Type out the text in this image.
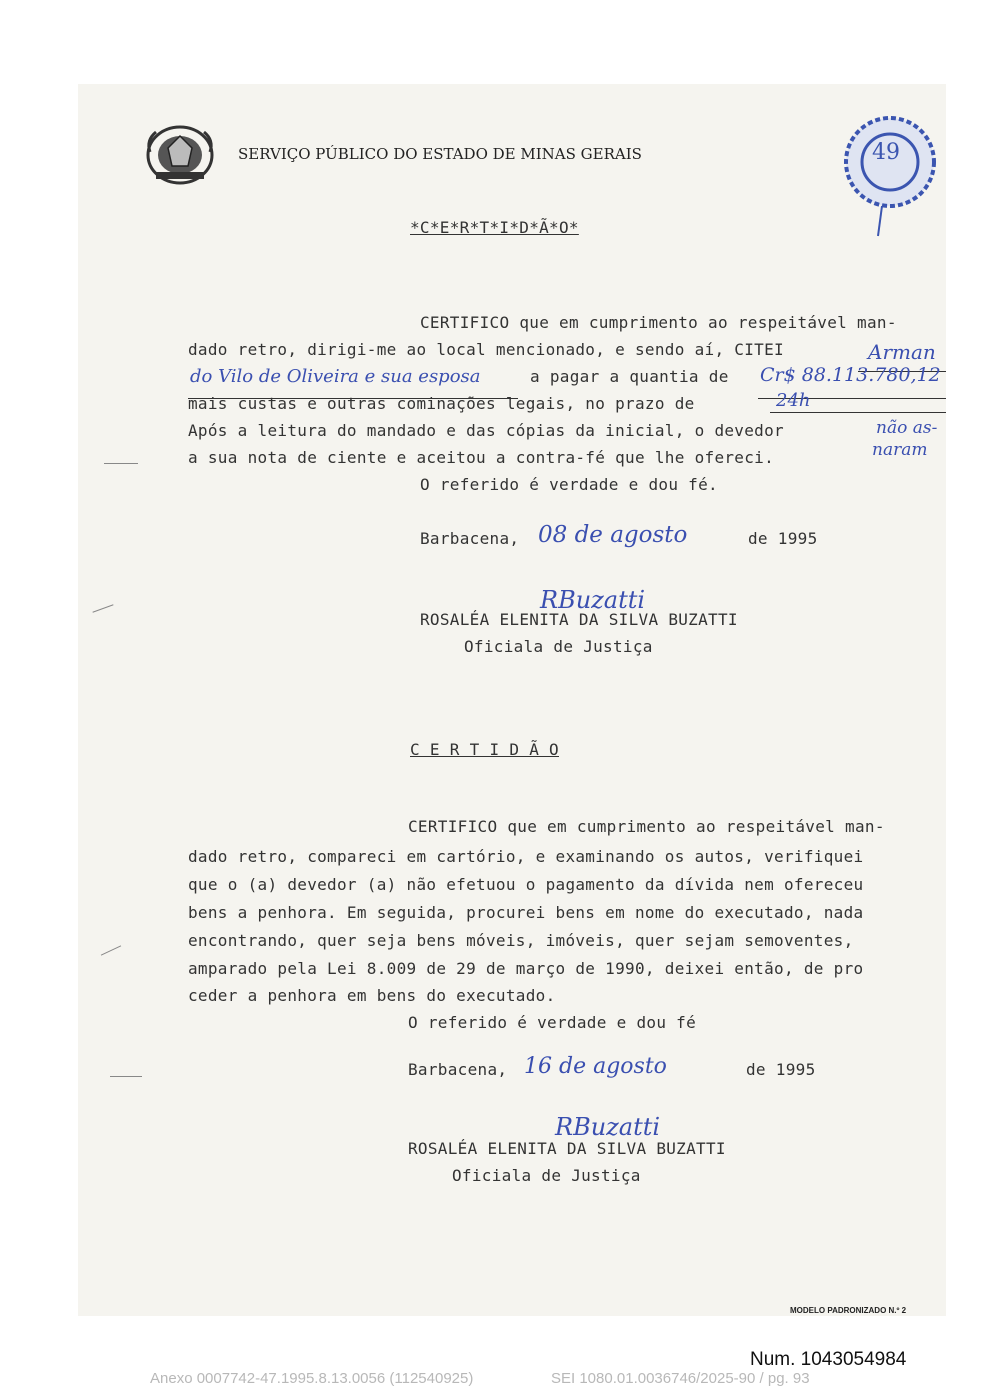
SERVIÇO PÚBLICO DO ESTADO DE MINAS GERAIS	49
*C*E*R*T*I*D*Ã*O*
CERTIFICO que em cumprimento ao respeitável man-
dado retro, dirigi-me ao local mencionado, e sendo aí, CITEI	Arman
do Vilo de Oliveira e sua esposa	a pagar a quantia de Cr$ 88.113.780,12
mais custas e outras cominações legais, no prazo de	24h
Após a leitura do mandado e das cópias da inicial, o devedor	não as-
a sua nota de ciente e aceitou a contra-fé que lhe ofereci.	naram
O referido é verdade e dou fé.
Barbacena, 08 de agosto	de 1995
RBuzatti
ROSALÉA ELENITA DA SILVA BUZATTI
Oficiala de Justiça
C E R T I D Ã O
CERTIFICO que em cumprimento ao respeitável man-
dado retro, compareci em cartório, e examinando os autos, verifiquei
que o (a) devedor (a) não efetuou o pagamento da dívida nem ofereceu
bens a penhora. Em seguida, procurei bens em nome do executado, nada
encontrando, quer seja bens móveis, imóveis, quer sejam semoventes,
amparado pela Lei 8.009 de 29 de março de 1990, deixei então, de pro
ceder a penhora em bens do executado.
O referido é verdade e dou fé
Barbacena, 16 de agosto	de 1995
RBuzatti
ROSALÉA ELENITA DA SILVA BUZATTI
Oficiala de Justiça
MODELO PADRONIZADO N.º 2
Num. 1043054984
Anexo 0007742-47.1995.8.13.0056 (112540925)	SEI 1080.01.0036746/2025-90 / pg. 93
